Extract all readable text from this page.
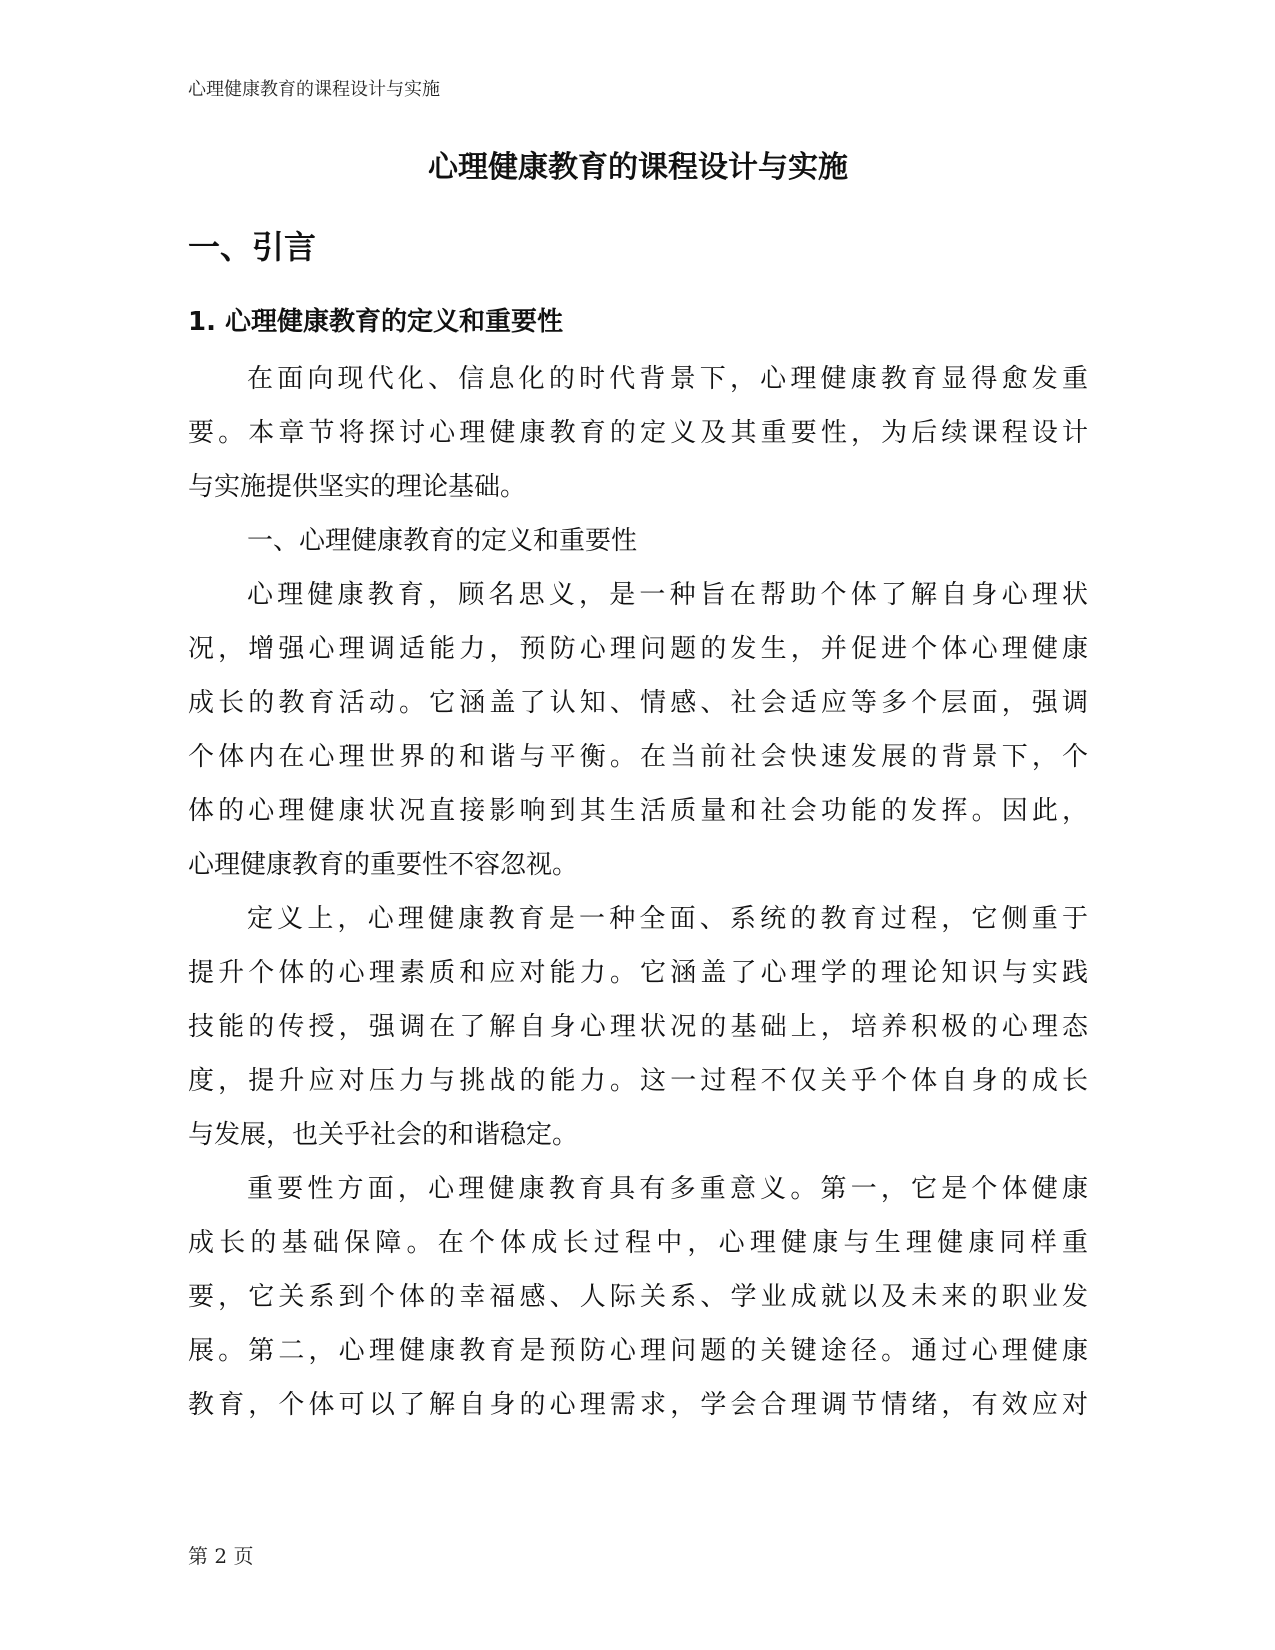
心理健康教育的课程设计与实施
心理健康教育的课程设计与实施
一、引言
1. 心理健康教育的定义和重要性
在面向现代化、信息化的时代背景下，心理健康教育显得愈发重
要。本章节将探讨心理健康教育的定义及其重要性，为后续课程设计
与实施提供坚实的理论基础。
一、心理健康教育的定义和重要性
心理健康教育，顾名思义，是一种旨在帮助个体了解自身心理状
况，增强心理调适能力，预防心理问题的发生，并促进个体心理健康
成长的教育活动。它涵盖了认知、情感、社会适应等多个层面，强调
个体内在心理世界的和谐与平衡。在当前社会快速发展的背景下，个
体的心理健康状况直接影响到其生活质量和社会功能的发挥。因此，
心理健康教育的重要性不容忽视。
定义上，心理健康教育是一种全面、系统的教育过程，它侧重于
提升个体的心理素质和应对能力。它涵盖了心理学的理论知识与实践
技能的传授，强调在了解自身心理状况的基础上，培养积极的心理态
度，提升应对压力与挑战的能力。这一过程不仅关乎个体自身的成长
与发展，也关乎社会的和谐稳定。
重要性方面，心理健康教育具有多重意义。第一，它是个体健康
成长的基础保障。在个体成长过程中，心理健康与生理健康同样重
要，它关系到个体的幸福感、人际关系、学业成就以及未来的职业发
展。第二，心理健康教育是预防心理问题的关键途径。通过心理健康
教育，个体可以了解自身的心理需求，学会合理调节情绪，有效应对
第 2 页
